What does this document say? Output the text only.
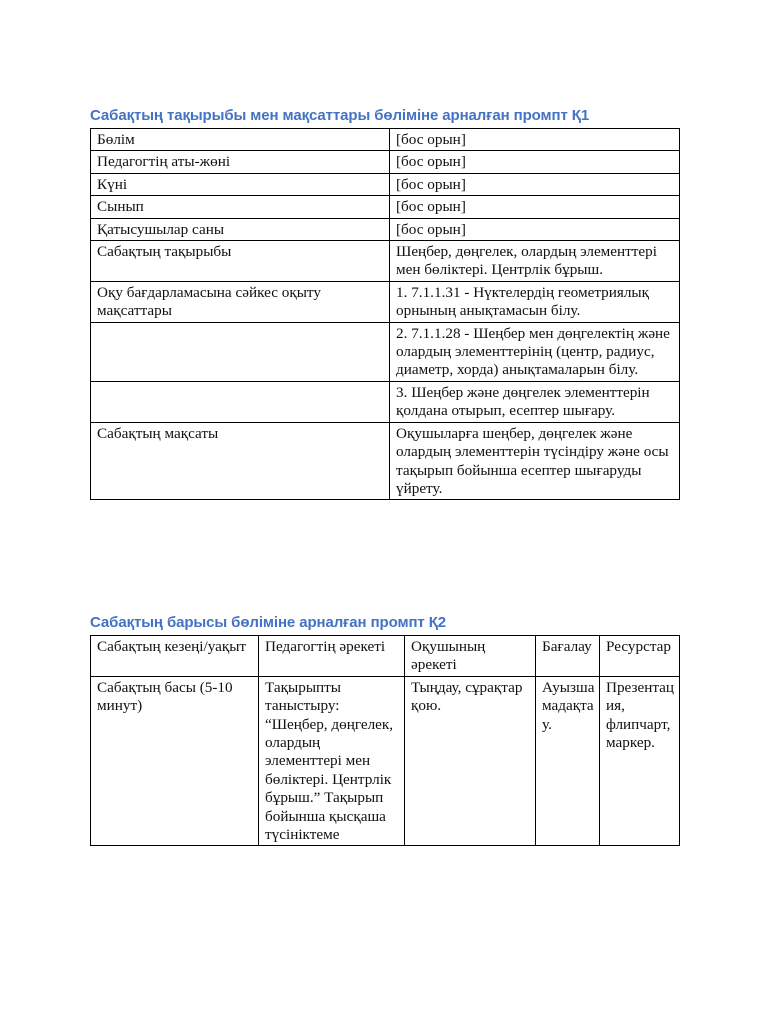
Сабақтың тақырыбы мен мақсаттары бөліміне арналған промпт Қ1
Бөлім	[бос орын]
Педагогтің аты-жөні	[бос орын]
Күні	[бос орын]
Сынып	[бос орын]
Қатысушылар саны	[бос орын]
Сабақтың тақырыбы	Шеңбер, дөңгелек, олардың элементтері мен бөліктері. Центрлік бұрыш.
Оқу бағдарламасына сәйкес оқыту мақсаттары	1. 7.1.1.31 - Нүктелердің геометриялық орнының анықтамасын білу.
	2. 7.1.1.28 - Шеңбер мен дөңгелектің және олардың элементтерінің (центр, радиус, диаметр, хорда) анықтамаларын білу.
	3. Шеңбер және дөңгелек элементтерін қолдана отырып, есептер шығару.
Сабақтың мақсаты	Оқушыларға шеңбер, дөңгелек және олардың элементтерін түсіндіру және осы тақырып бойынша есептер шығаруды үйрету.
Сабақтың барысы бөліміне арналған промпт Қ2
Сабақтың кезеңі/уақыт	Педагогтің әрекеті	Оқушының әрекеті	Бағалау	Ресурстар
Сабақтың басы (5-10 минут)	Тақырыпты таныстыру: “Шеңбер, дөңгелек, олардың элементтері мен бөліктері. Центрлік бұрыш.” Тақырып бойынша қысқаша түсініктеме	Тыңдау, сұрақтар қою.	Ауызша мадақтау.	Презентация, флипчарт, маркер.
